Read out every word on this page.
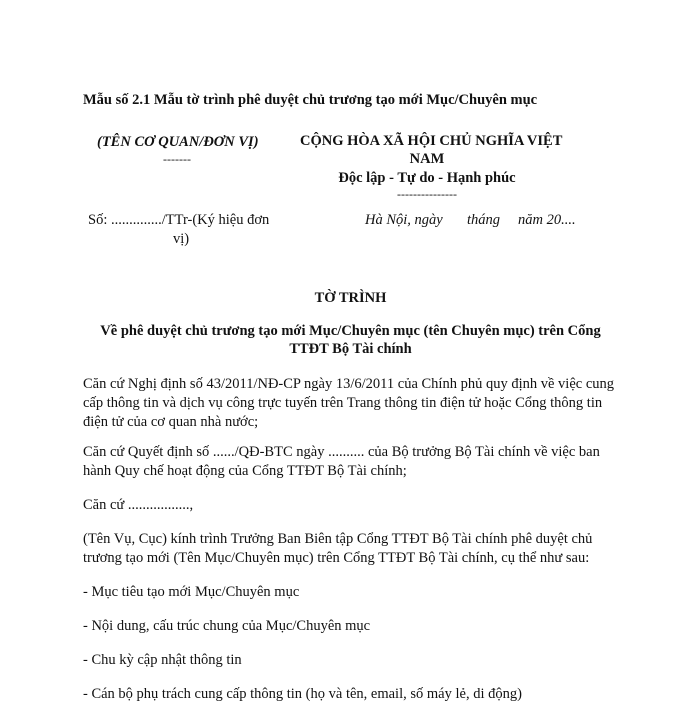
Mẫu số 2.1 Mẫu tờ trình phê duyệt chủ trương tạo mới Mục/Chuyên mục
(TÊN CƠ QUAN/ĐƠN VỊ)
-------
CỘNG HÒA XÃ HỘI CHỦ NGHĨA VIỆT
NAM
Độc lập - Tự do - Hạnh phúc
---------------
Số: ............../TTr-(Ký hiệu đơn
vị)
Hà Nội, ngày tháng năm 20....
TỜ TRÌNH
Về phê duyệt chủ trương tạo mới Mục/Chuyên mục (tên Chuyên mục) trên Cổng
TTĐT Bộ Tài chính
Căn cứ Nghị định số 43/2011/NĐ-CP ngày 13/6/2011 của Chính phủ quy định về việc cung cấp thông tin và dịch vụ công trực tuyến trên Trang thông tin điện tử hoặc Cổng thông tin điện tử của cơ quan nhà nước;
Căn cứ Quyết định số ....../QĐ-BTC ngày .......... của Bộ trưởng Bộ Tài chính về việc ban hành Quy chế hoạt động của Cổng TTĐT Bộ Tài chính;
Căn cứ .................,
(Tên Vụ, Cục) kính trình Trưởng Ban Biên tập Cổng TTĐT Bộ Tài chính phê duyệt chủ trương tạo mới (Tên Mục/Chuyên mục) trên Cổng TTĐT Bộ Tài chính, cụ thể như sau:
- Mục tiêu tạo mới Mục/Chuyên mục
- Nội dung, cấu trúc chung của Mục/Chuyên mục
- Chu kỳ cập nhật thông tin
- Cán bộ phụ trách cung cấp thông tin (họ và tên, email, số máy lẻ, di động)
